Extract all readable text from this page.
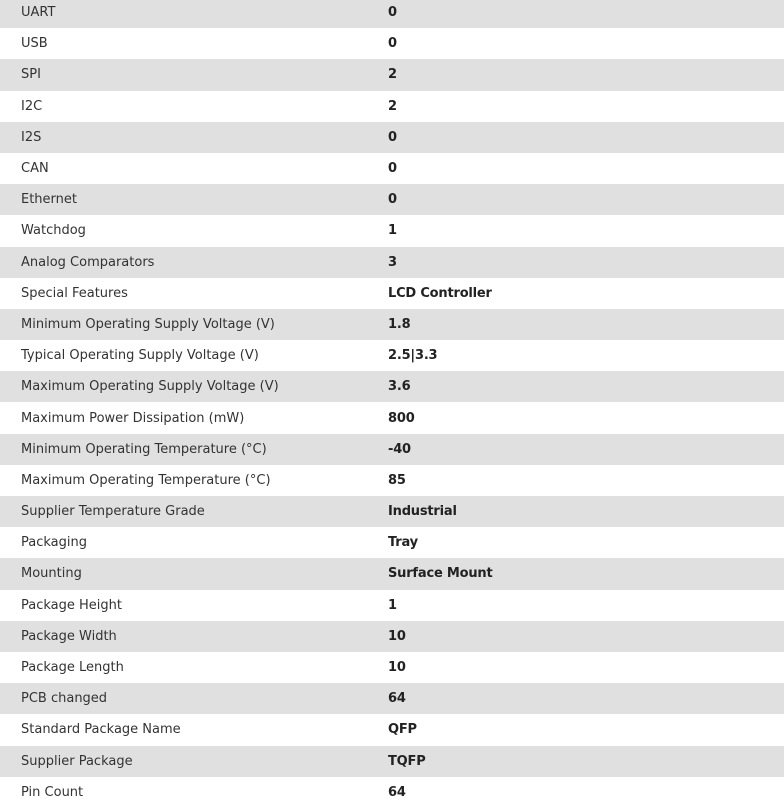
UART	0
USB	0
SPI	2
I2C	2
I2S	0
CAN	0
Ethernet	0
Watchdog	1
Analog Comparators	3
Special Features	LCD Controller
Minimum Operating Supply Voltage (V)	1.8
Typical Operating Supply Voltage (V)	2.5|3.3
Maximum Operating Supply Voltage (V)	3.6
Maximum Power Dissipation (mW)	800
Minimum Operating Temperature (°C)	-40
Maximum Operating Temperature (°C)	85
Supplier Temperature Grade	Industrial
Packaging	Tray
Mounting	Surface Mount
Package Height	1
Package Width	10
Package Length	10
PCB changed	64
Standard Package Name	QFP
Supplier Package	TQFP
Pin Count	64
